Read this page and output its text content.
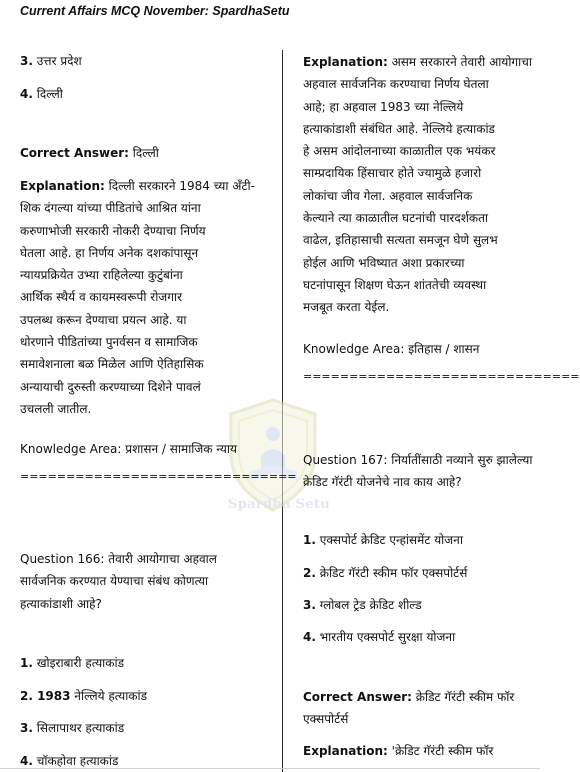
Current Affairs MCQ November: SpardhaSetu
Spardha Setu
3. उत्तर प्रदेश
4. दिल्ली
Correct Answer: दिल्ली
Explanation: दिल्ली सरकारने 1984 च्या अँटी-
शिक दंगल्या यांच्या पीडितांचे आश्रित यांना
करुणाभोजी सरकारी नोकरी देण्याचा निर्णय
घेतला आहे. हा निर्णय अनेक दशकांपासून
न्यायप्रक्रियेत उभ्या राहिलेल्या कुटुंबांना
आर्थिक स्थैर्य व कायमस्वरूपी रोजगार
उपलब्ध करून देण्याचा प्रयत्न आहे. या
धोरणाने पीडितांच्या पुनर्वसन व सामाजिक
समावेशनाला बळ मिळेल आणि ऐतिहासिक
अन्यायाची दुरुस्ती करण्याच्या दिशेने पावलं
उचलली जातील.
Knowledge Area: प्रशासन / सामाजिक न्याय
==============================
Question 166: तेवारी आयोगाचा अहवाल
सार्वजनिक करण्यात येण्याचा संबंध कोणत्या
हत्याकांडाशी आहे?
1. खोइराबारी हत्याकांड
2. 1983 नेल्लिये हत्याकांड
3. सिलापाथर हत्याकांड
4. चॉकहोवा हत्याकांड
Explanation: असम सरकारने तेवारी आयोगाचा
अहवाल सार्वजनिक करण्याचा निर्णय घेतला
आहे; हा अहवाल 1983 च्या नेल्लिये
हत्याकांडाशी संबंधित आहे. नेल्लिये हत्याकांड
हे असम आंदोलनाच्या काळातील एक भयंकर
साम्प्रदायिक हिंसाचार होते ज्यामुळे हजारो
लोकांचा जीव गेला. अहवाल सार्वजनिक
केल्याने त्या काळातील घटनांची पारदर्शकता
वाढेल, इतिहासाची सत्यता समजून घेणे सुलभ
होईल आणि भविष्यात अशा प्रकारच्या
घटनांपासून शिक्षण घेऊन शांततेची व्यवस्था
मजबूत करता येईल.
Knowledge Area: इतिहास / शासन
==============================
Question 167: निर्यातींसाठी नव्याने सुरु झालेल्या
क्रेडिट गॅरंटी योजनेचे नाव काय आहे?
1. एक्सपोर्ट क्रेडिट एन्हांसमेंट योजना
2. क्रेडिट गॅरंटी स्कीम फॉर एक्सपोर्टर्स
3. ग्लोबल ट्रेड क्रेडिट शील्ड
4. भारतीय एक्सपोर्ट सुरक्षा योजना
Correct Answer: क्रेडिट गॅरंटी स्कीम फॉर
एक्सपोर्टर्स
Explanation: 'क्रेडिट गॅरंटी स्कीम फॉर
